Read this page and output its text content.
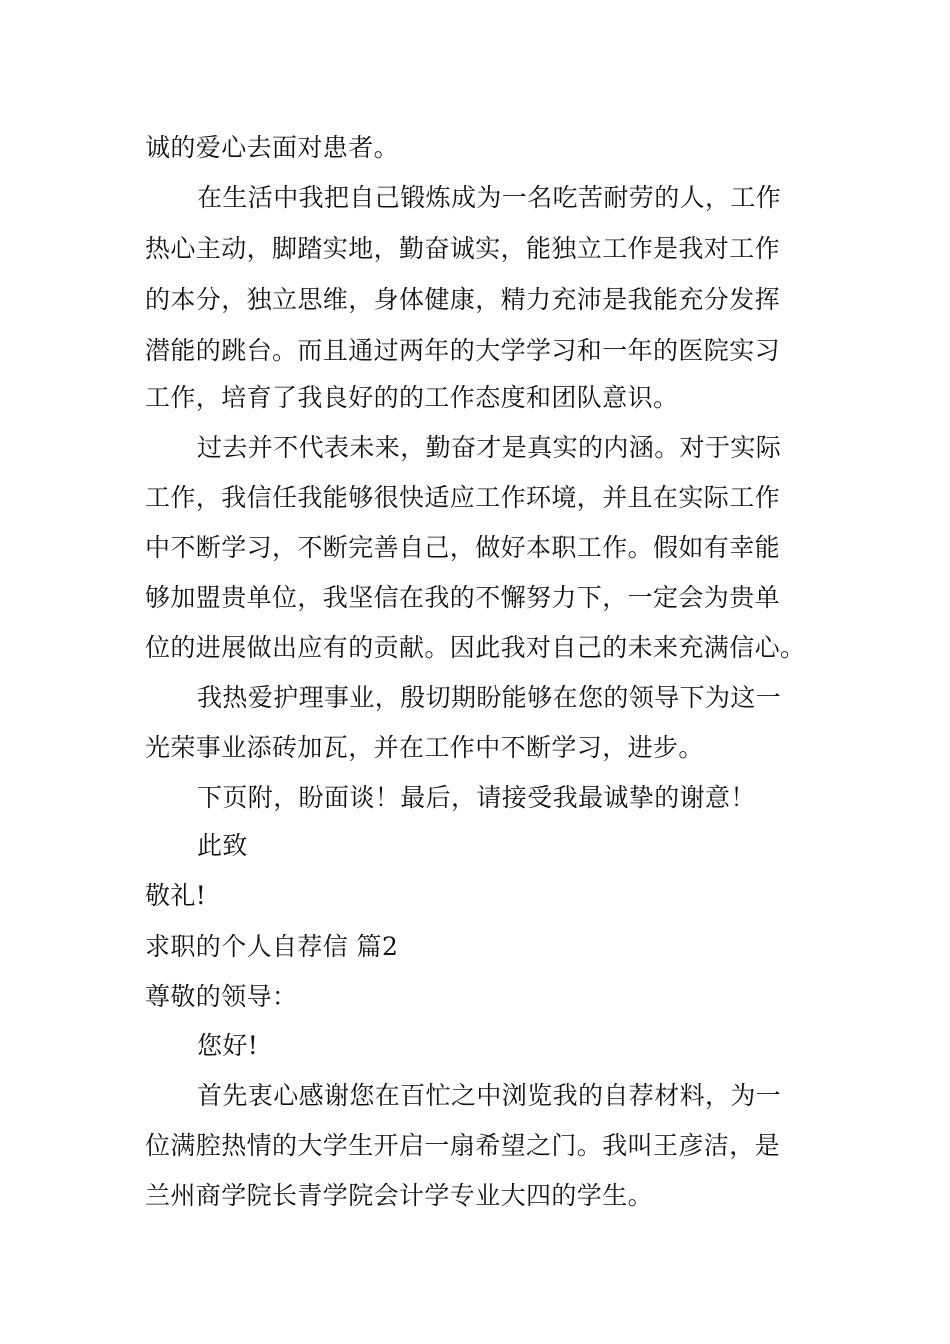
诚的爱心去面对患者。
在生活中我把自己锻炼成为一名吃苦耐劳的人，工作
热心主动，脚踏实地，勤奋诚实，能独立工作是我对工作
的本分，独立思维，身体健康，精力充沛是我能充分发挥
潜能的跳台。而且通过两年的大学学习和一年的医院实习
工作，培育了我良好的的工作态度和团队意识。
过去并不代表未来，勤奋才是真实的内涵。对于实际
工作，我信任我能够很快适应工作环境，并且在实际工作
中不断学习，不断完善自己，做好本职工作。假如有幸能
够加盟贵单位，我坚信在我的不懈努力下，一定会为贵单
位的进展做出应有的贡献。因此我对自己的未来充满信心。
我热爱护理事业，殷切期盼能够在您的领导下为这一
光荣事业添砖加瓦，并在工作中不断学习，进步。
下页附，盼面谈！最后，请接受我最诚挚的谢意！
此致
敬礼!
求职的个人自荐信 篇2
尊敬的领导：
您好!
首先衷心感谢您在百忙之中浏览我的自荐材料，为一
位满腔热情的大学生开启一扇希望之门。我叫王彦洁，是
兰州商学院长青学院会计学专业大四的学生。
